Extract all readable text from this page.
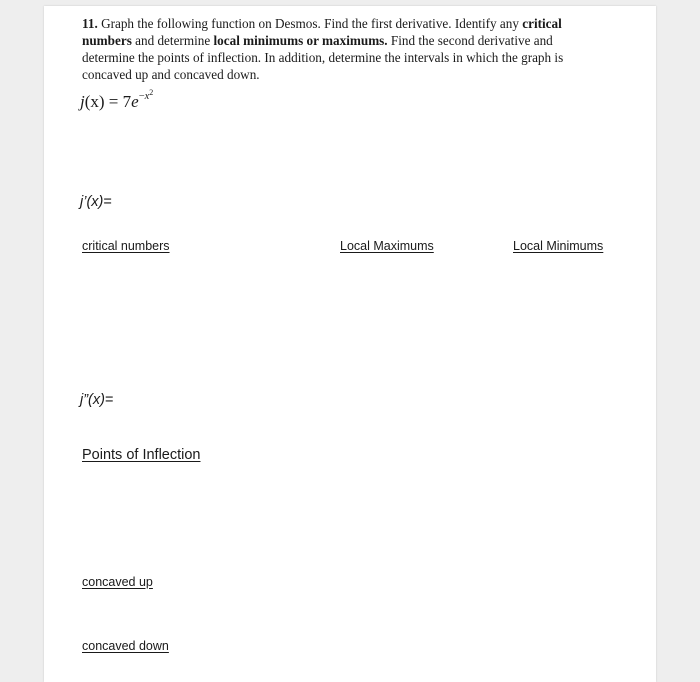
11. Graph the following function on Desmos. Find the first derivative. Identify any critical numbers and determine local minimums or maximums. Find the second derivative and determine the points of inflection. In addition, determine the intervals in which the graph is concaved up and concaved down.
$j(x) = 7e^{-x^2}$
j’(x)=
critical numbers	Local Maximums	Local Minimums
j”(x)=
Points of Inflection
concaved up
concaved down
